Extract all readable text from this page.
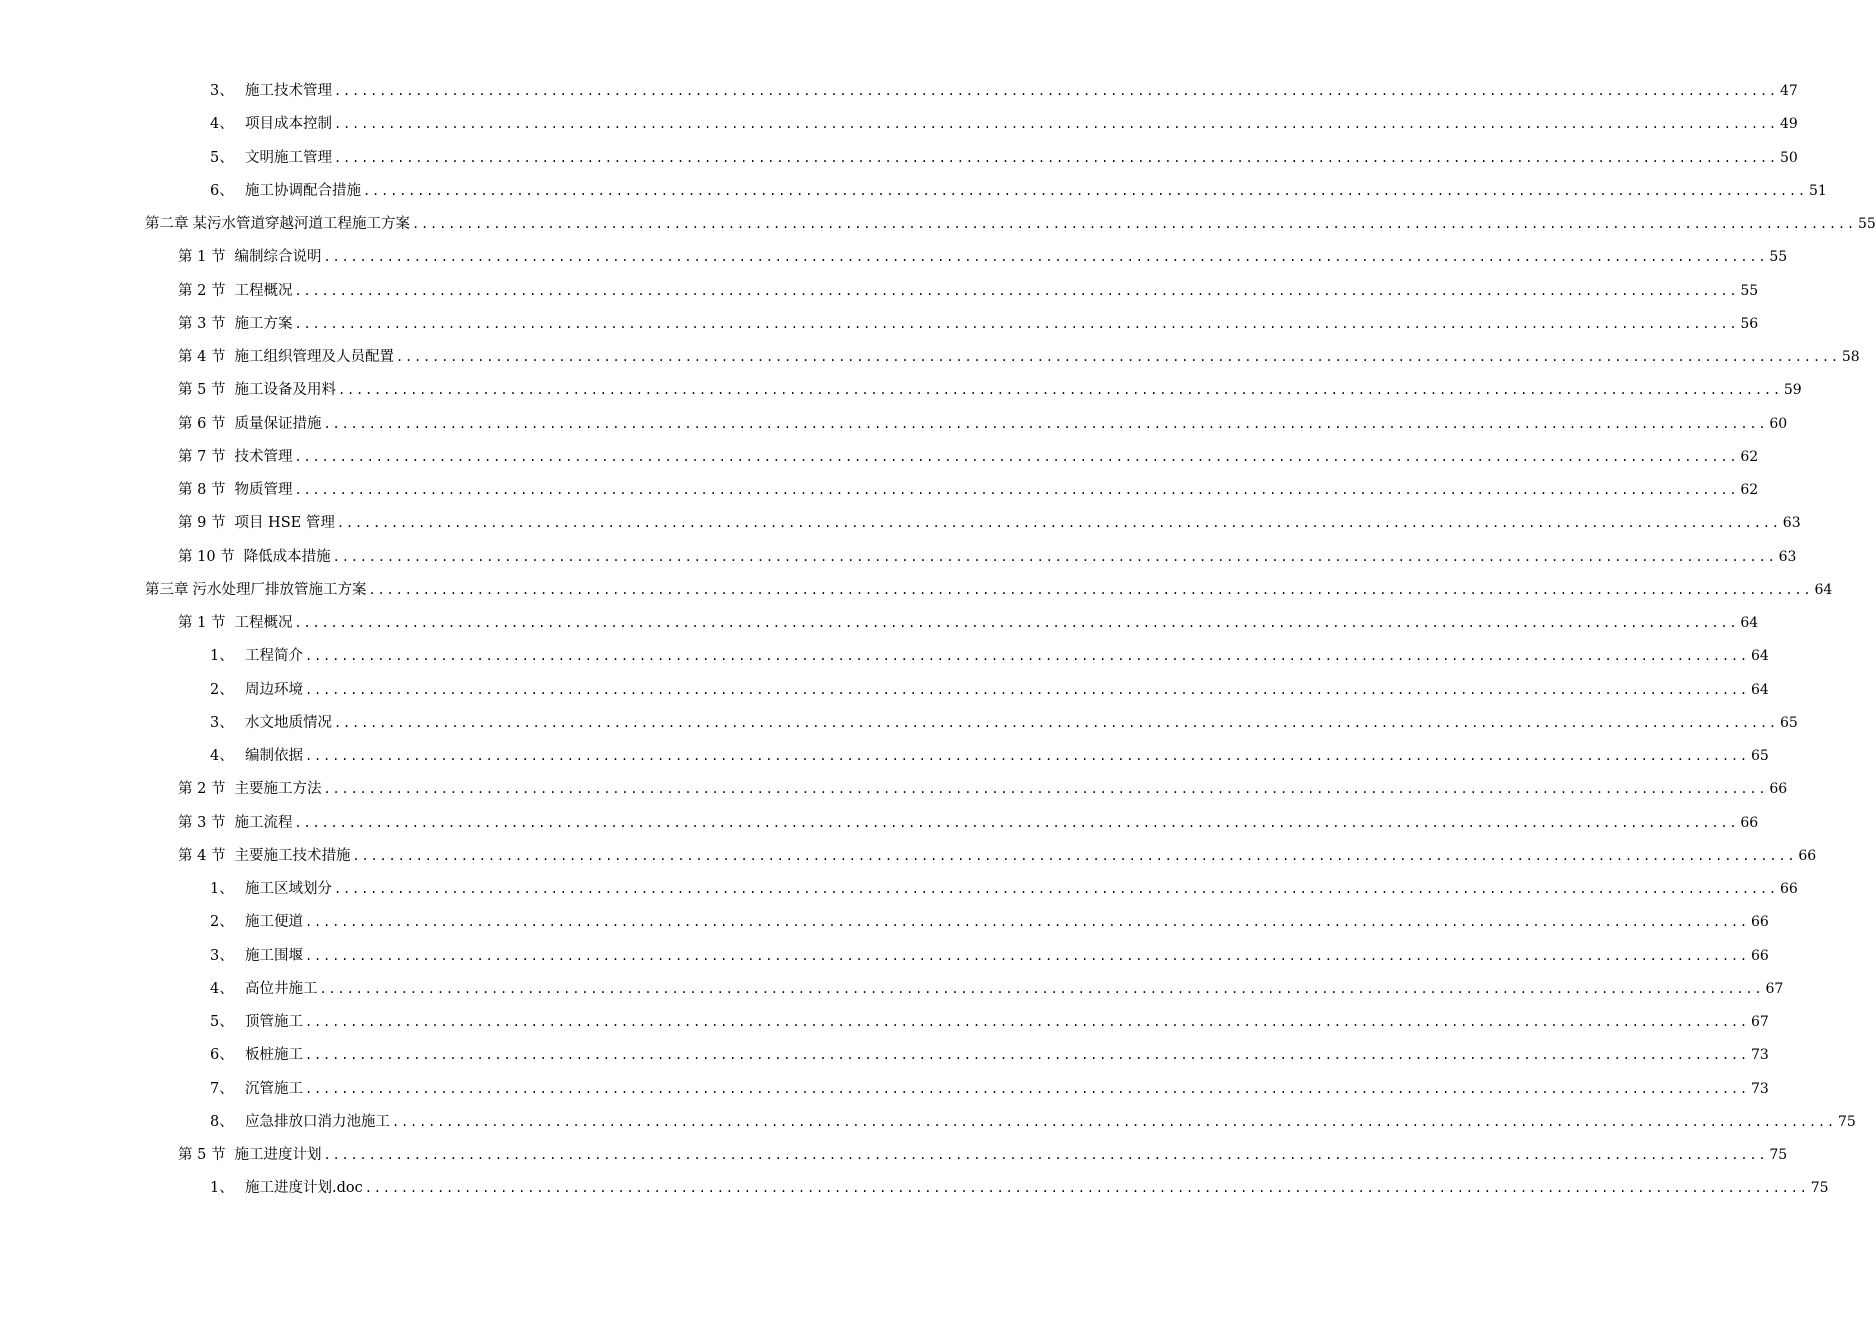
3、 施工技术管理 ................................................................................................................................................................ 47
4、 项目成本控制 ................................................................................................................................................................ 49
5、 文明施工管理 ................................................................................................................................................................ 50
6、 施工协调配合措施 ................................................................................................................................................................ 51
第二章 某污水管道穿越河道工程施工方案 ................................................................................................................................................................ 55
第 1 节 编制综合说明 ................................................................................................................................................................ 55
第 2 节 工程概况 ................................................................................................................................................................ 55
第 3 节 施工方案 ................................................................................................................................................................ 56
第 4 节 施工组织管理及人员配置 ................................................................................................................................................................ 58
第 5 节 施工设备及用料 ................................................................................................................................................................ 59
第 6 节 质量保证措施 ................................................................................................................................................................ 60
第 7 节 技术管理 ................................................................................................................................................................ 62
第 8 节 物质管理 ................................................................................................................................................................ 62
第 9 节 项目 HSE 管理 ................................................................................................................................................................ 63
第 10 节 降低成本措施 ................................................................................................................................................................ 63
第三章 污水处理厂排放管施工方案 ................................................................................................................................................................ 64
第 1 节 工程概况 ................................................................................................................................................................ 64
1、 工程简介 ................................................................................................................................................................ 64
2、 周边环境 ................................................................................................................................................................ 64
3、 水文地质情况 ................................................................................................................................................................ 65
4、 编制依据 ................................................................................................................................................................ 65
第 2 节 主要施工方法 ................................................................................................................................................................ 66
第 3 节 施工流程 ................................................................................................................................................................ 66
第 4 节 主要施工技术措施 ................................................................................................................................................................ 66
1、 施工区域划分 ................................................................................................................................................................ 66
2、 施工便道 ................................................................................................................................................................ 66
3、 施工围堰 ................................................................................................................................................................ 66
4、 高位井施工 ................................................................................................................................................................ 67
5、 顶管施工 ................................................................................................................................................................ 67
6、 板桩施工 ................................................................................................................................................................ 73
7、 沉管施工 ................................................................................................................................................................ 73
8、 应急排放口消力池施工 ................................................................................................................................................................ 75
第 5 节 施工进度计划 ................................................................................................................................................................ 75
1、 施工进度计划.doc ................................................................................................................................................................ 75
